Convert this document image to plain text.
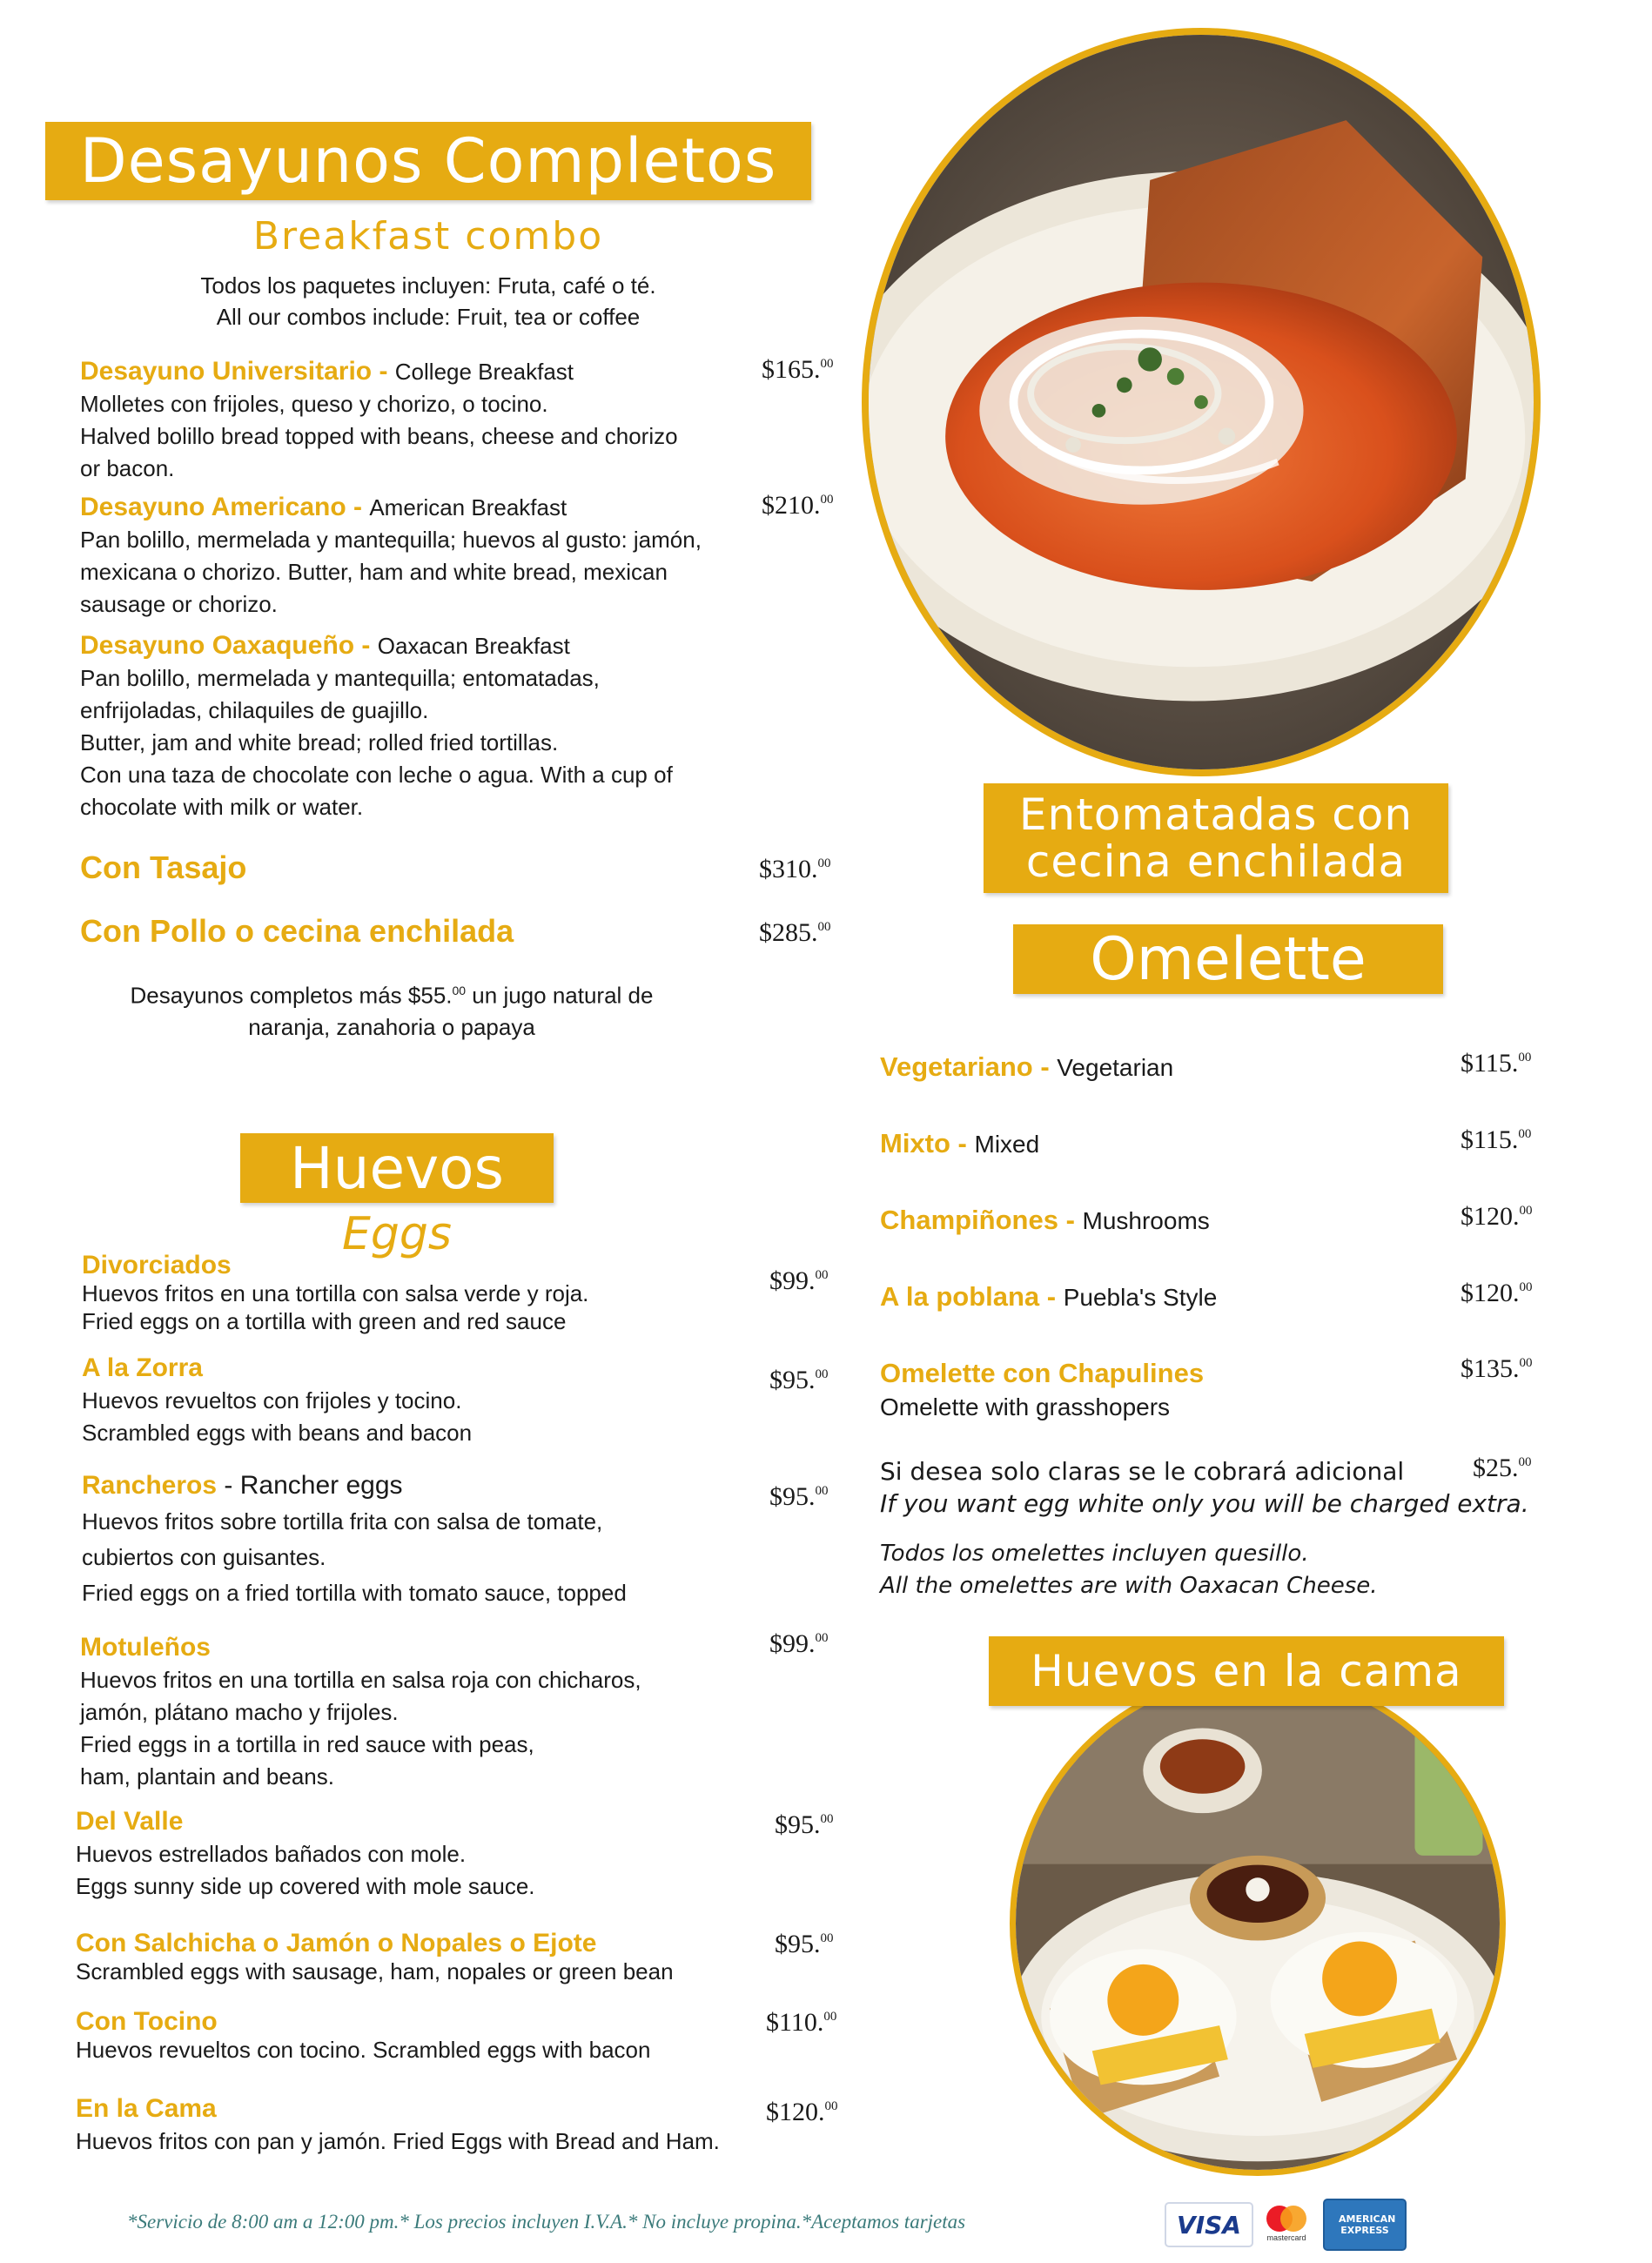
Desayunos Completos
Breakfast combo
Todos los paquetes incluyen: Fruta, café o té.
All our combos include: Fruit, tea or coffee
Desayuno Universitario - College Breakfast
Molletes con frijoles, queso y chorizo, o tocino.
Halved bolillo bread topped with beans, cheese and chorizo
or bacon.
$165.00
Desayuno Americano - American Breakfast
Pan bolillo, mermelada y mantequilla; huevos al gusto: jamón,
mexicana o chorizo. Butter, ham and white bread, mexican
sausage or chorizo.
$210.00
Desayuno Oaxaqueño - Oaxacan Breakfast
Pan bolillo, mermelada y mantequilla; entomatadas,
enfrijoladas, chilaquiles de guajillo.
Butter, jam and white bread; rolled fried tortillas.
Con una taza de chocolate con leche o agua. With a cup of
chocolate with milk or water.
Con Tasajo	$310.00
Con Pollo o cecina enchilada	$285.00
Desayunos completos más $55.00 un jugo natural de
naranja, zanahoria o papaya
Huevos
Eggs
Divorciados
Huevos fritos en una tortilla con salsa verde y roja.
Fried eggs on a tortilla with green and red sauce
$99.00
A la Zorra
Huevos revueltos con frijoles y tocino.
Scrambled eggs with beans and bacon
$95.00
Rancheros - Rancher eggs
Huevos fritos sobre tortilla frita con salsa de tomate,
cubiertos con guisantes.
Fried eggs on a fried tortilla with tomato sauce, topped
$95.00
Motuleños
Huevos fritos en una tortilla en salsa roja con chicharos,
jamón, plátano macho y frijoles.
Fried eggs in a tortilla in red sauce with peas,
ham, plantain and beans.
$99.00
Del Valle
Huevos estrellados bañados con mole.
Eggs sunny side up covered with mole sauce.
$95.00
Con Salchicha o Jamón o Nopales o Ejote
Scrambled eggs with sausage, ham, nopales or green bean
$95.00
Con Tocino
Huevos revueltos con tocino. Scrambled eggs with bacon
$110.00
En la Cama
Huevos fritos con pan y jamón. Fried Eggs with Bread and Ham.
$120.00
Entomatadas con
cecina enchilada
Omelette
Vegetariano - Vegetarian	$115.00
Mixto - Mixed	$115.00
Champiñones - Mushrooms	$120.00
A la poblana - Puebla's Style	$120.00
Omelette con Chapulines
Omelette with grasshopers
$135.00
Si desea solo claras se le cobrará adicional	$25.00
If you want egg white only you will be charged extra.
Todos los omelettes incluyen quesillo.
All the omelettes are with Oaxacan Cheese.
Huevos en la cama
*Servicio de 8:00 am a 12:00 pm.* Los precios incluyen I.V.A.* No incluye propina.*Aceptamos tarjetas	VISA	mastercard
AMERICAN EXPRESS
